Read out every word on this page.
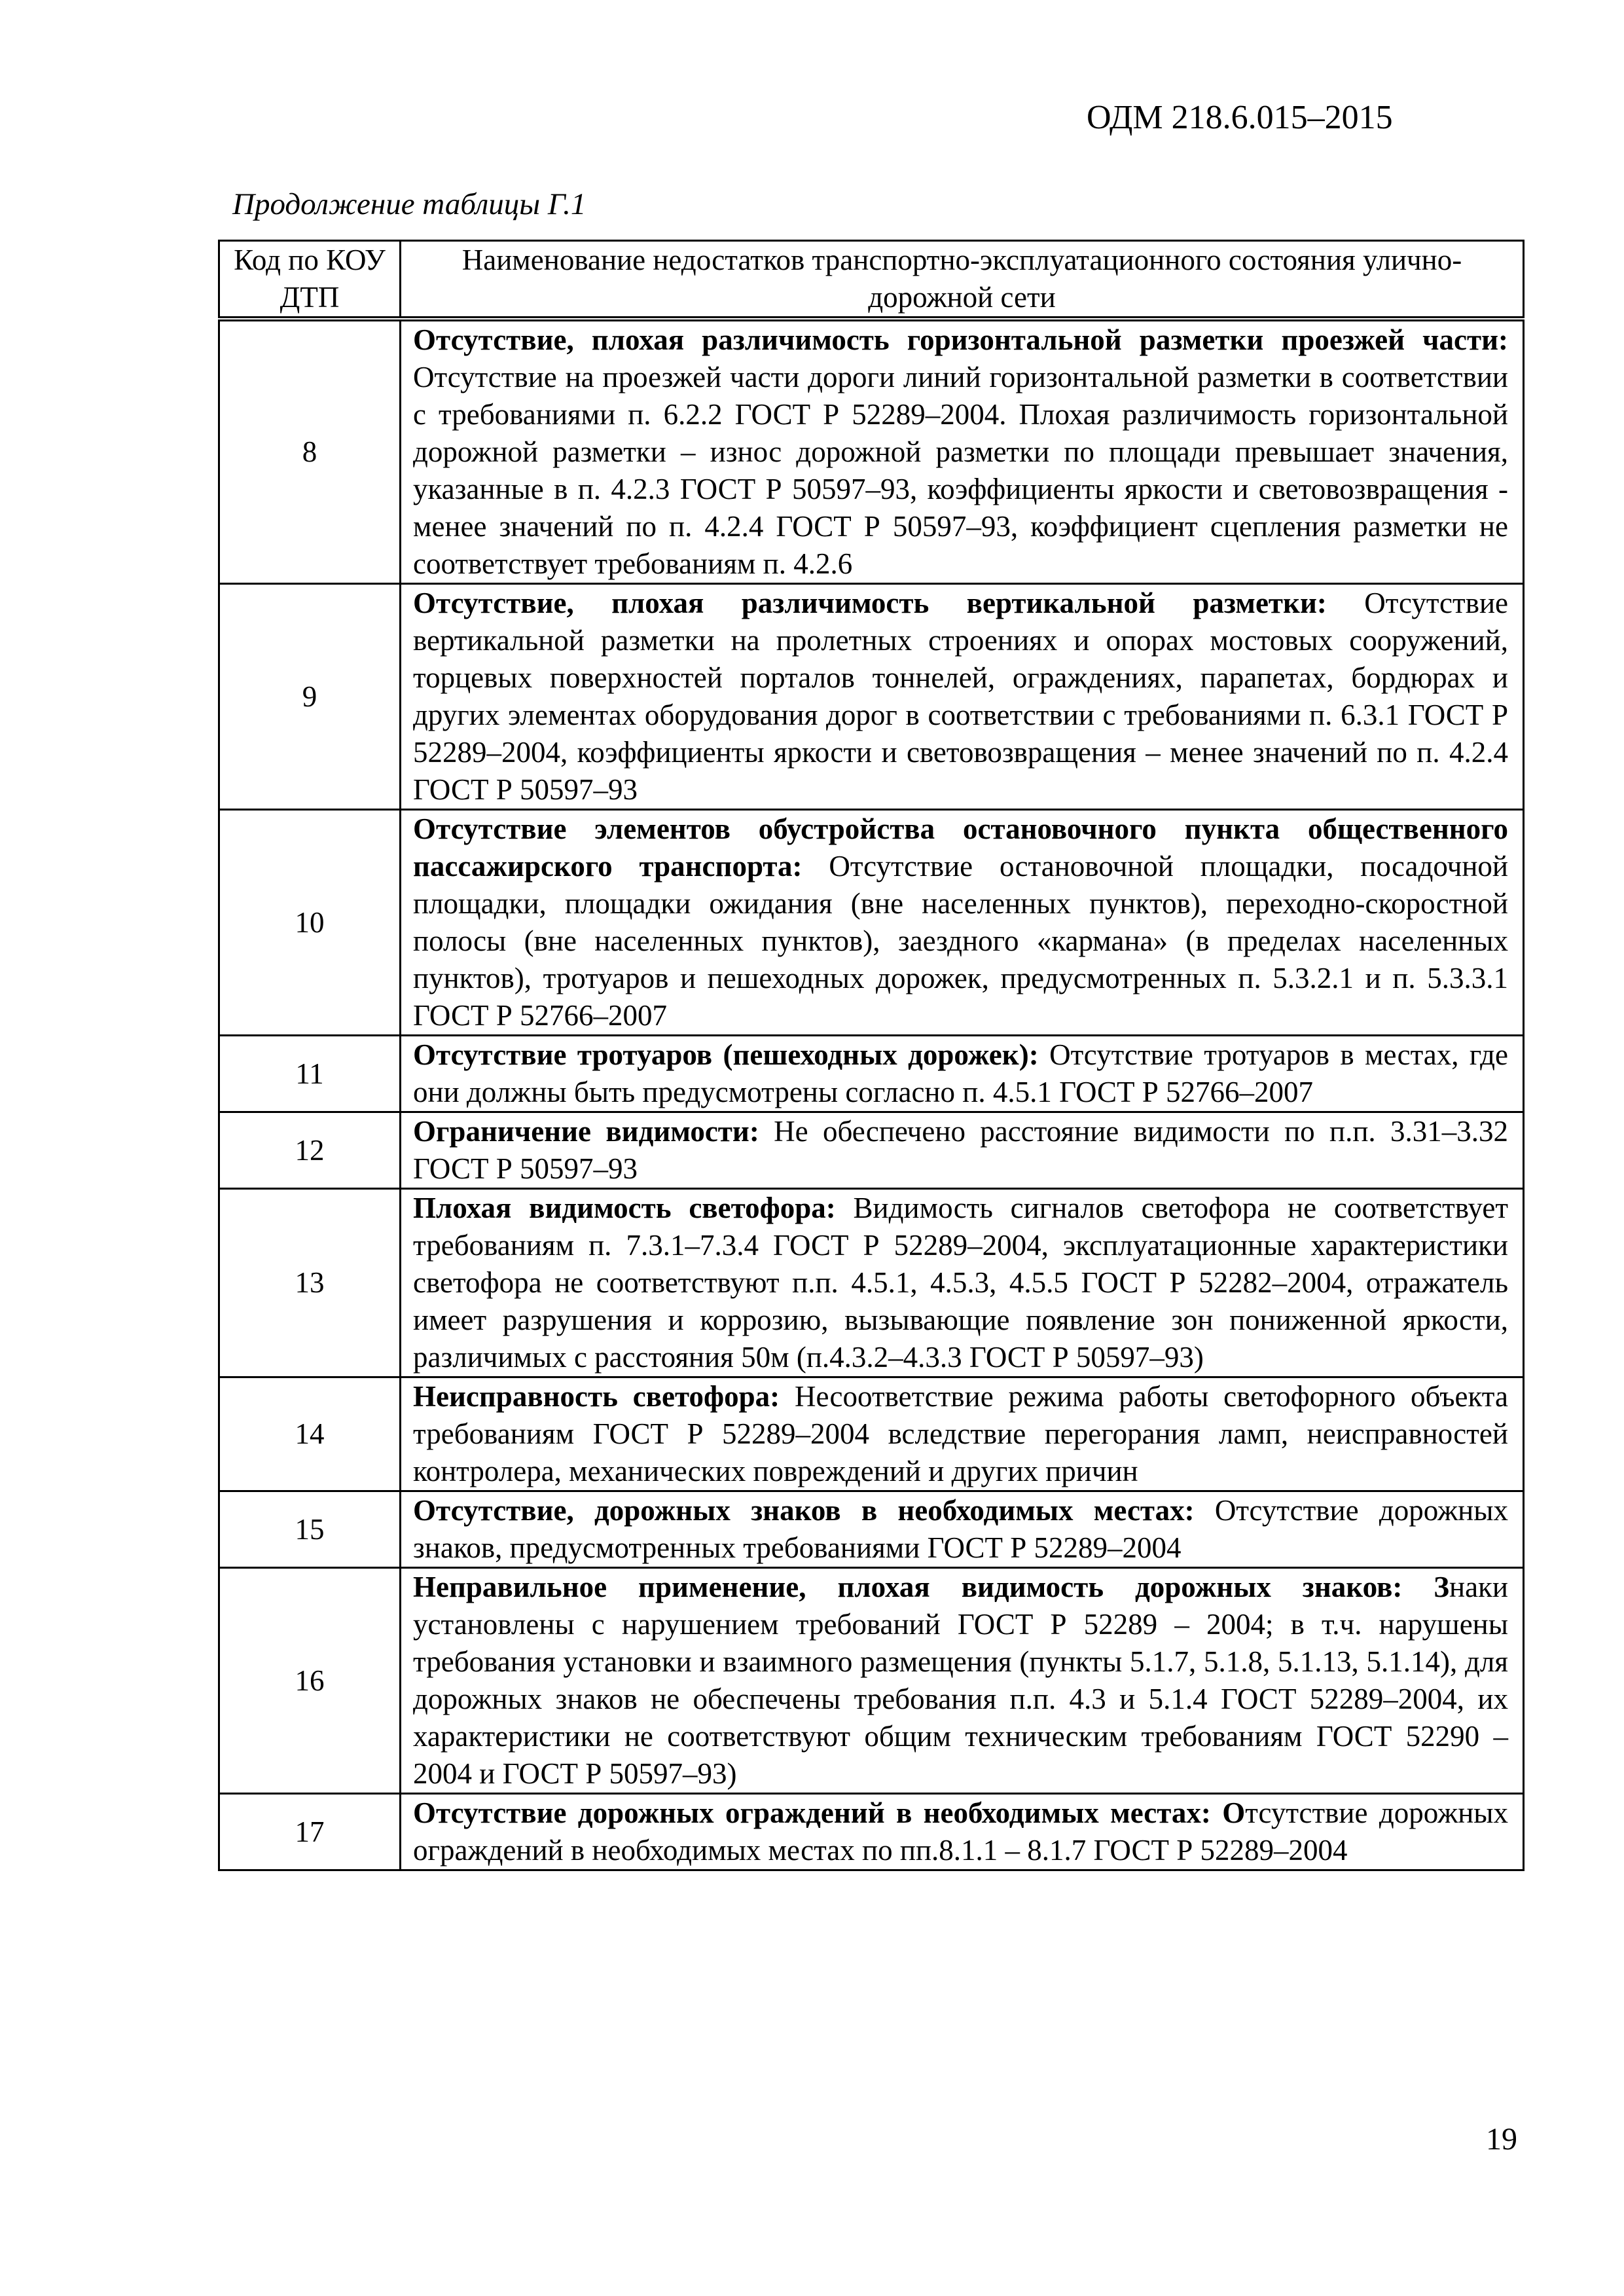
ОДМ 218.6.015–2015
Продолжение таблицы Г.1
Код по КОУ ДТП	Наименование недостатков транспортно-эксплуатационного состояния улично-дорожной сети
8	Отсутствие, плохая различимость горизонтальной разметки проезжей части: Отсутствие на проезжей части дороги линий горизонтальной разметки в соответствии с требованиями п. 6.2.2 ГОСТ Р 52289–2004. Плохая различимость горизонтальной дорожной разметки – износ дорожной разметки по площади превышает значения, указанные в п. 4.2.3 ГОСТ Р 50597–93, коэффициенты яркости и световозвращения - менее значений по п. 4.2.4 ГОСТ Р 50597–93, коэффициент сцепления разметки не соответствует требованиям п. 4.2.6
9	Отсутствие, плохая различимость вертикальной разметки: Отсутствие вертикальной разметки на пролетных строениях и опорах мостовых сооружений, торцевых поверхностей порталов тоннелей, ограждениях, парапетах, бордюрах и других элементах оборудования дорог в соответствии с требованиями п. 6.3.1 ГОСТ Р 52289–2004, коэффициенты яркости и световозвращения – менее значений по п. 4.2.4 ГОСТ Р 50597–93
10	Отсутствие элементов обустройства остановочного пункта общественного пассажирского транспорта: Отсутствие остановочной площадки, посадочной площадки, площадки ожидания (вне населенных пунктов), переходно-скоростной полосы (вне населенных пунктов), заездного «кармана» (в пределах населенных пунктов), тротуаров и пешеходных дорожек, предусмотренных п. 5.3.2.1 и п. 5.3.3.1 ГОСТ Р 52766–2007
11	Отсутствие тротуаров (пешеходных дорожек): Отсутствие тротуаров в местах, где они должны быть предусмотрены согласно п. 4.5.1 ГОСТ Р 52766–2007
12	Ограничение видимости: Не обеспечено расстояние видимости по п.п. 3.31–3.32 ГОСТ Р 50597–93
13	Плохая видимость светофора: Видимость сигналов светофора не соответствует требованиям п. 7.3.1–7.3.4 ГОСТ Р 52289–2004, эксплуатационные характеристики светофора не соответствуют п.п. 4.5.1, 4.5.3, 4.5.5 ГОСТ Р 52282–2004, отражатель имеет разрушения и коррозию, вызывающие появление зон пониженной яркости, различимых с расстояния 50м (п.4.3.2–4.3.3 ГОСТ Р 50597–93)
14	Неисправность светофора: Несоответствие режима работы светофорного объекта требованиям ГОСТ Р 52289–2004 вследствие перегорания ламп, неисправностей контролера, механических повреждений и других причин
15	Отсутствие, дорожных знаков в необходимых местах: Отсутствие дорожных знаков, предусмотренных требованиями ГОСТ Р 52289–2004
16	Неправильное применение, плохая видимость дорожных знаков: Знаки установлены с нарушением требований ГОСТ Р 52289 – 2004; в т.ч. нарушены требования установки и взаимного размещения (пункты 5.1.7, 5.1.8, 5.1.13, 5.1.14), для дорожных знаков не обеспечены требования п.п. 4.3 и 5.1.4 ГОСТ 52289–2004, их характеристики не соответствуют общим техническим требованиям ГОСТ 52290 –2004 и ГОСТ Р 50597–93)
17	Отсутствие дорожных ограждений в необходимых местах: Отсутствие дорожных ограждений в необходимых местах по пп.8.1.1 – 8.1.7 ГОСТ Р 52289–2004
19
